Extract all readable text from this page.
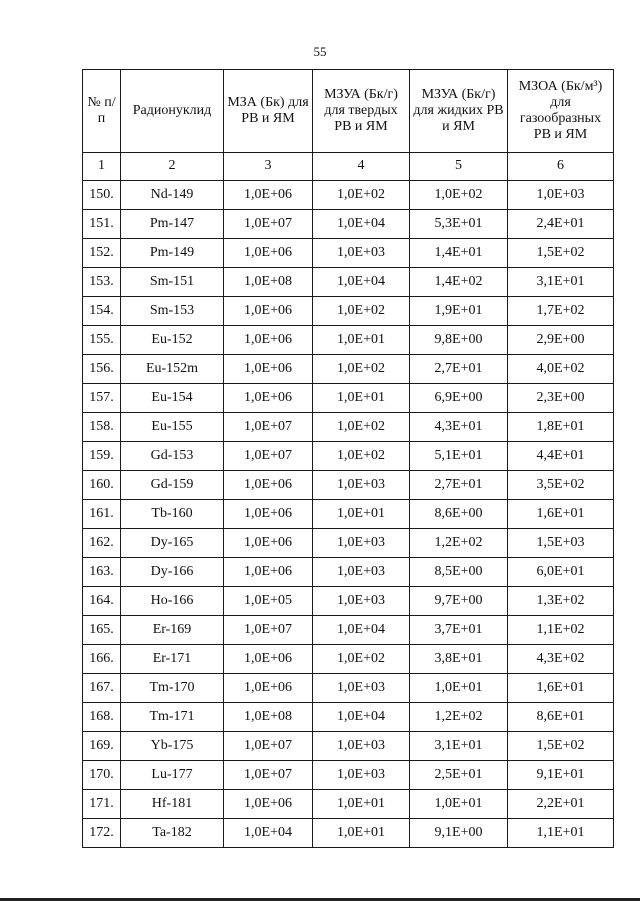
55
№ п/п	Радионуклид	МЗА (Бк) для РВ и ЯМ	МЗУА (Бк/г) для твердых РВ и ЯМ	МЗУА (Бк/г) для жидких РВ и ЯМ	МЗОА (Бк/м³) для газообразных РВ и ЯМ
1	2	3	4	5	6
150.	Nd-149	1,0E+06	1,0E+02	1,0E+02	1,0E+03
151.	Pm-147	1,0E+07	1,0E+04	5,3E+01	2,4E+01
152.	Pm-149	1,0E+06	1,0E+03	1,4E+01	1,5E+02
153.	Sm-151	1,0E+08	1,0E+04	1,4E+02	3,1E+01
154.	Sm-153	1,0E+06	1,0E+02	1,9E+01	1,7E+02
155.	Eu-152	1,0E+06	1,0E+01	9,8E+00	2,9E+00
156.	Eu-152m	1,0E+06	1,0E+02	2,7E+01	4,0E+02
157.	Eu-154	1,0E+06	1,0E+01	6,9E+00	2,3E+00
158.	Eu-155	1,0E+07	1,0E+02	4,3E+01	1,8E+01
159.	Gd-153	1,0E+07	1,0E+02	5,1E+01	4,4E+01
160.	Gd-159	1,0E+06	1,0E+03	2,7E+01	3,5E+02
161.	Tb-160	1,0E+06	1,0E+01	8,6E+00	1,6E+01
162.	Dy-165	1,0E+06	1,0E+03	1,2E+02	1,5E+03
163.	Dy-166	1,0E+06	1,0E+03	8,5E+00	6,0E+01
164.	Ho-166	1,0E+05	1,0E+03	9,7E+00	1,3E+02
165.	Er-169	1,0E+07	1,0E+04	3,7E+01	1,1E+02
166.	Er-171	1,0E+06	1,0E+02	3,8E+01	4,3E+02
167.	Tm-170	1,0E+06	1,0E+03	1,0E+01	1,6E+01
168.	Tm-171	1,0E+08	1,0E+04	1,2E+02	8,6E+01
169.	Yb-175	1,0E+07	1,0E+03	3,1E+01	1,5E+02
170.	Lu-177	1,0E+07	1,0E+03	2,5E+01	9,1E+01
171.	Hf-181	1,0E+06	1,0E+01	1,0E+01	2,2E+01
172.	Ta-182	1,0E+04	1,0E+01	9,1E+00	1,1E+01
